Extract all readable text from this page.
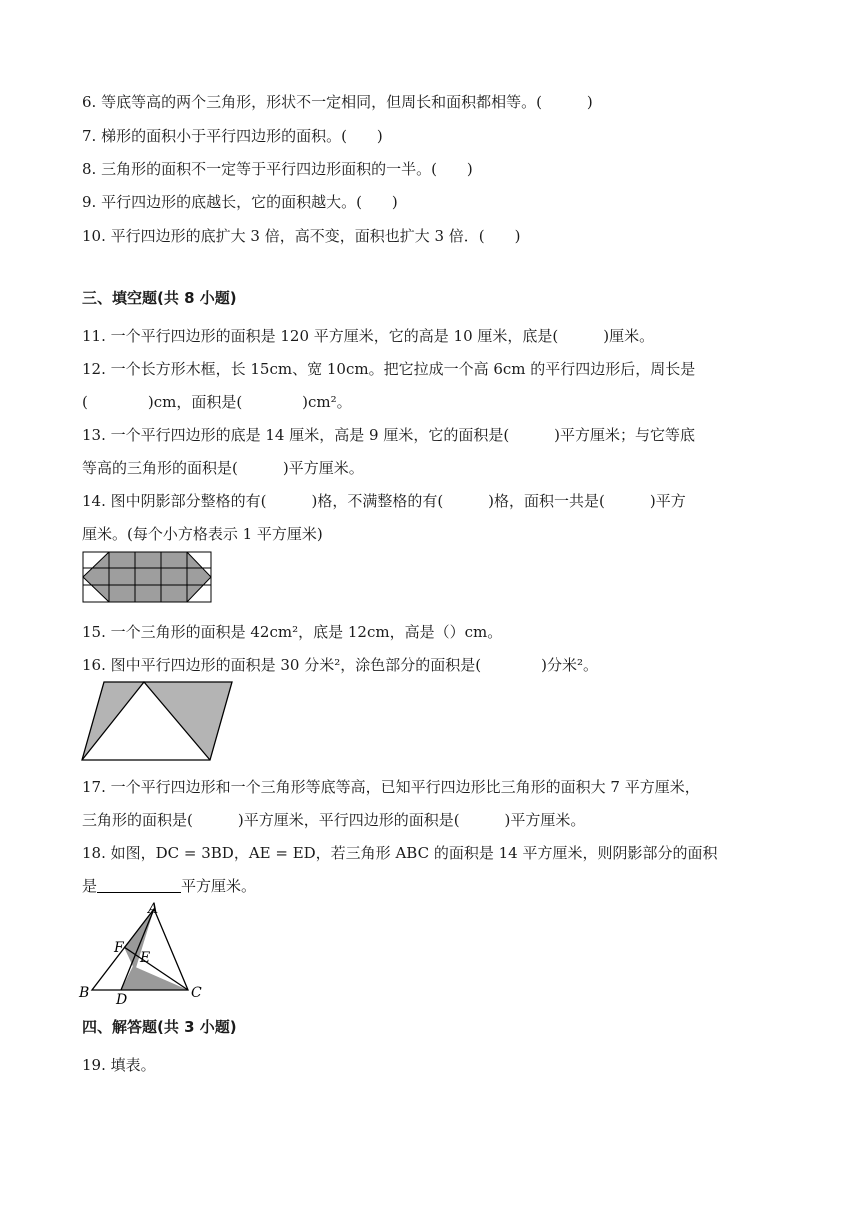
6. 等底等高的两个三角形，形状不一定相同，但周长和面积都相等。(　　　)
7. 梯形的面积小于平行四边形的面积。(　　)
8. 三角形的面积不一定等于平行四边形面积的一半。(　　)
9. 平行四边形的底越长，它的面积越大。(　　)
10. 平行四边形的底扩大 3 倍，高不变，面积也扩大 3 倍．(　　)
三、填空题(共 8 小题)
11. 一个平行四边形的面积是 120 平方厘米，它的高是 10 厘米，底是(　　　)厘米。
12. 一个长方形木框，长 15cm、宽 10cm。把它拉成一个高 6cm 的平行四边形后，周长是
(　　　　)cm，面积是(　　　　)cm²。
13. 一个平行四边形的底是 14 厘米，高是 9 厘米，它的面积是(　　　)平方厘米；与它等底
等高的三角形的面积是(　　　)平方厘米。
14. 图中阴影部分整格的有(　　　)格，不满整格的有(　　　)格，面积一共是(　　　)平方
厘米。(每个小方格表示 1 平方厘米)
15. 一个三角形的面积是 42cm²，底是 12cm，高是（）cm。
16. 图中平行四边形的面积是 30 分米²，涂色部分的面积是(　　　　)分米²。
17. 一个平行四边形和一个三角形等底等高，已知平行四边形比三角形的面积大 7 平方厘米，
三角形的面积是(　　　)平方厘米，平行四边形的面积是(　　　)平方厘米。
18. 如图，DC = 3BD，AE = ED，若三角形 ABC 的面积是 14 平方厘米，则阴影部分的面积
是	平方厘米。
A
B	C
D
E
F
四、解答题(共 3 小题)
19. 填表。
